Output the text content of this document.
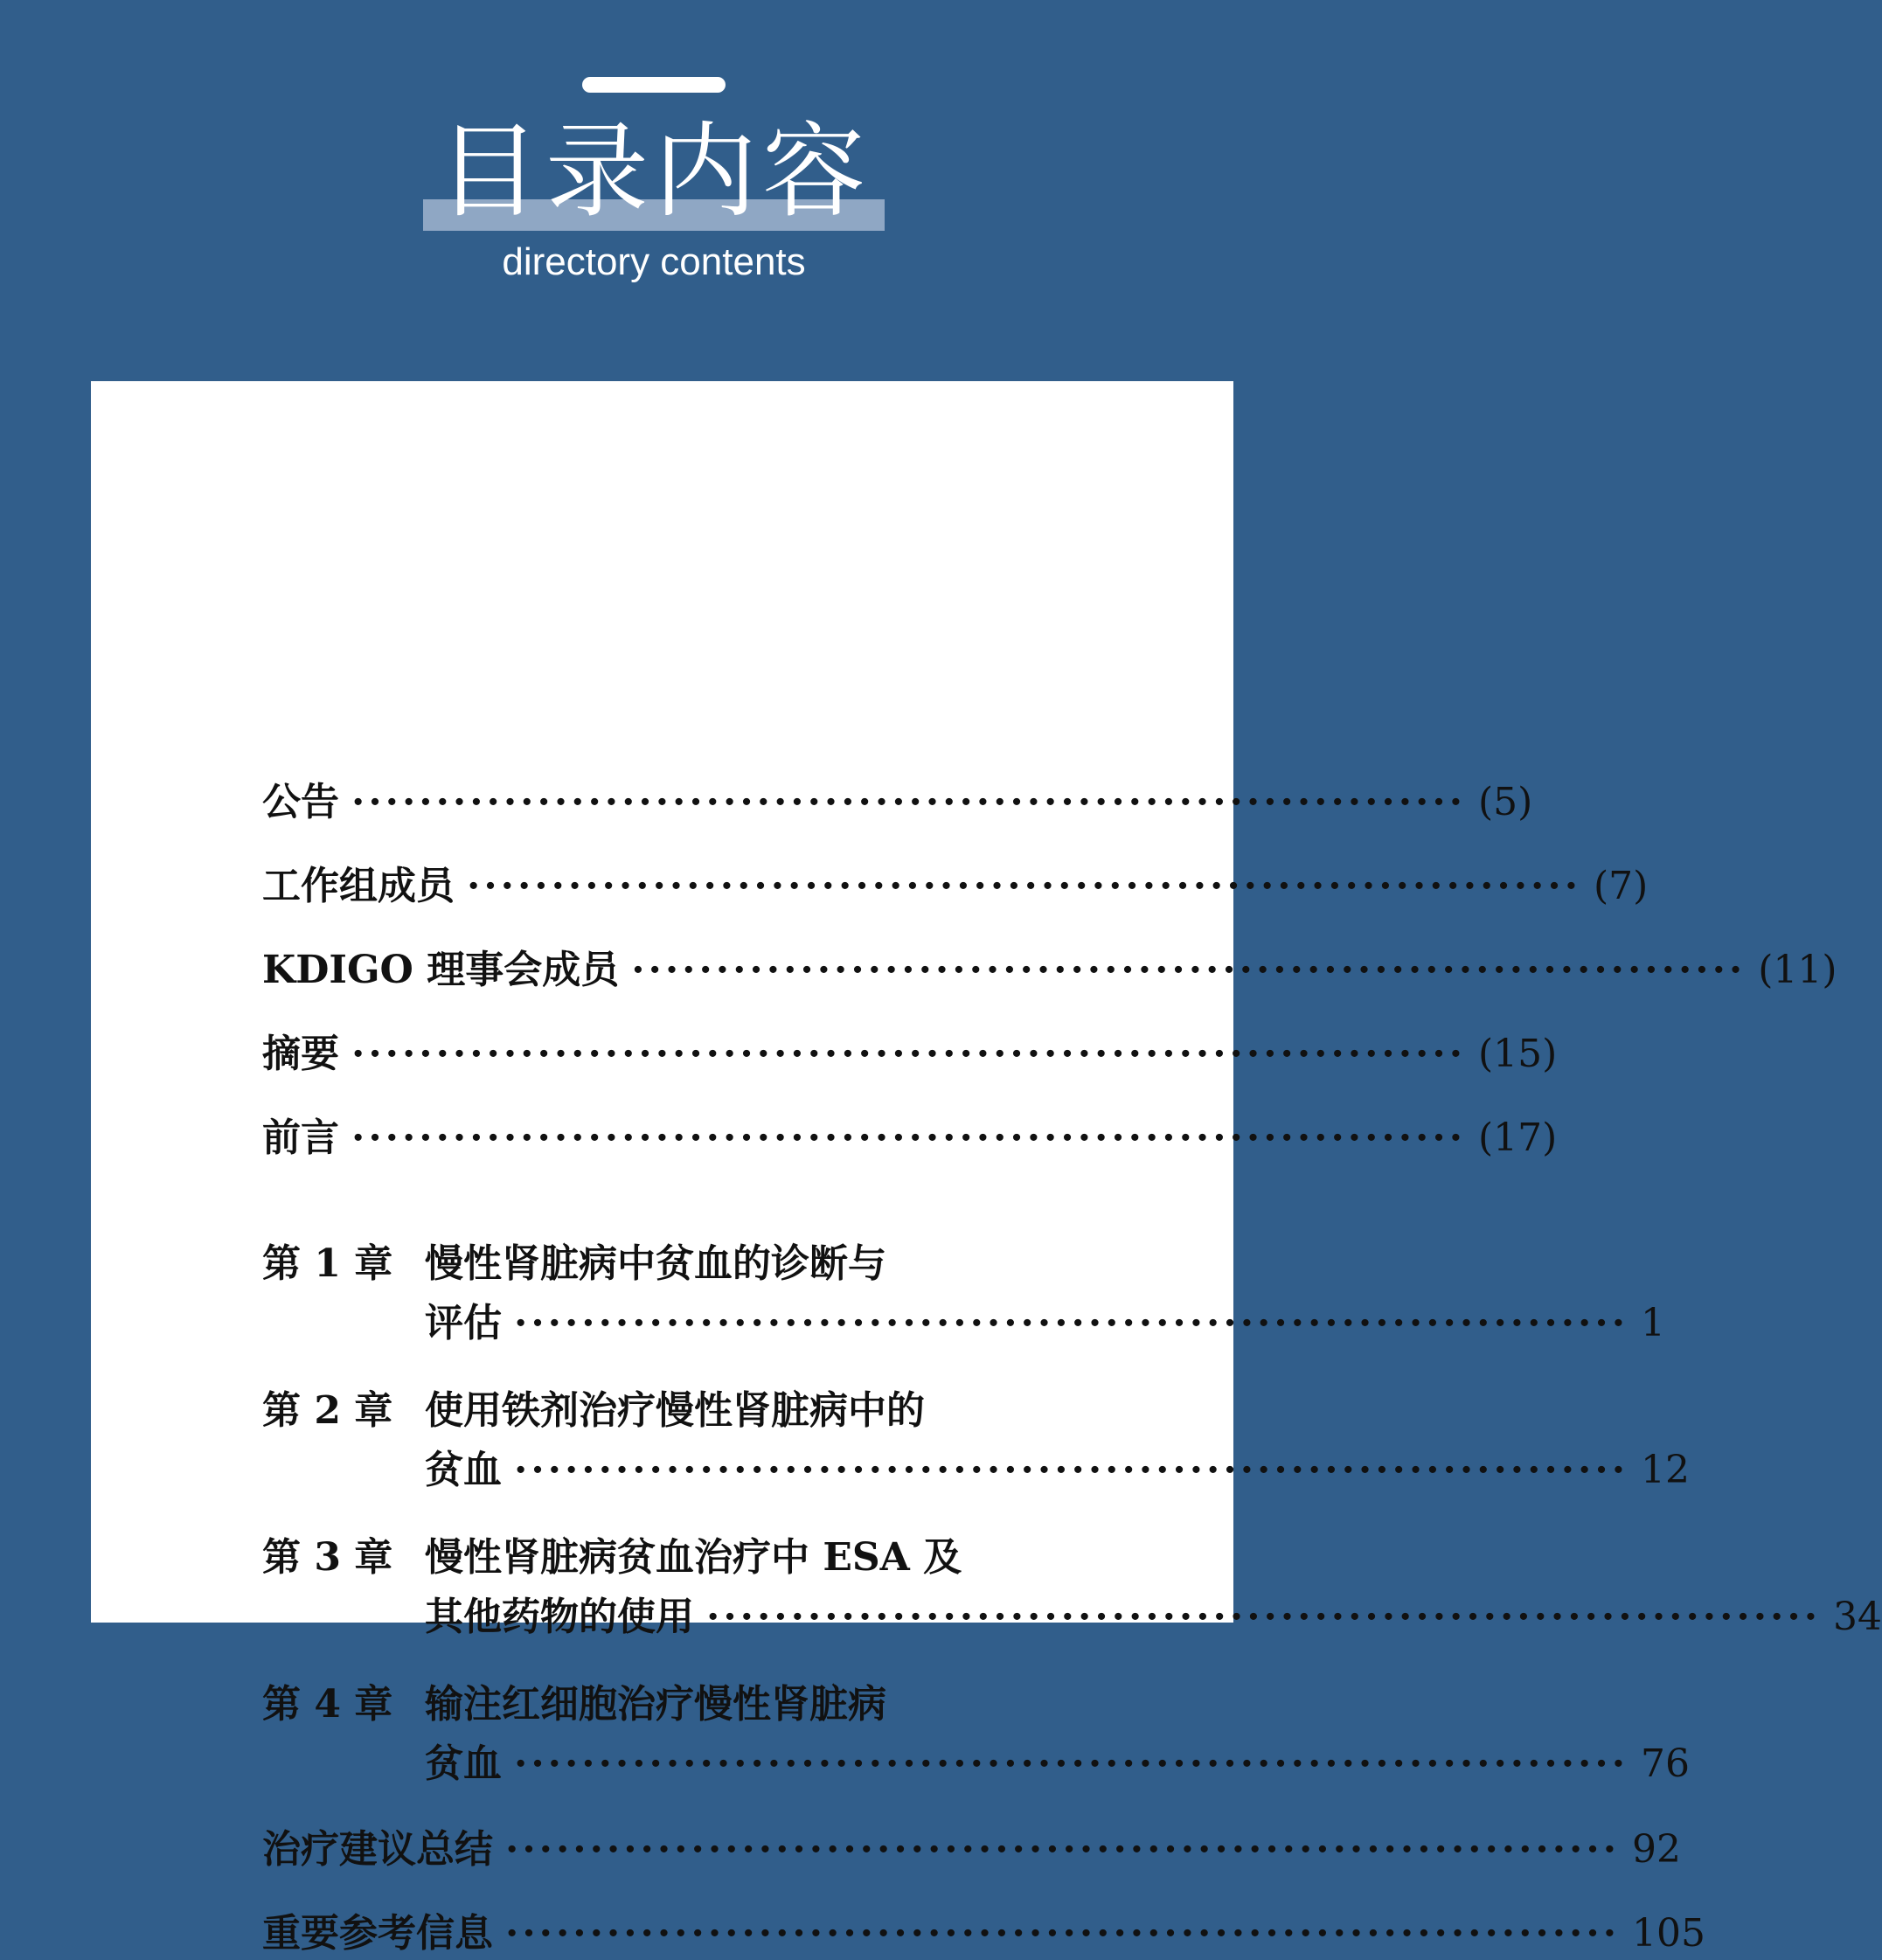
目录内容
directory contents
公告 ·································································· (5)
工作组成员 ·································································· (7)
KDIGO 理事会成员 ·································································· (11)
摘要 ·································································· (15)
前言 ·································································· (17)
第 1 章 慢性肾脏病中贫血的诊断与
评估 ·································································· 1
第 2 章 使用铁剂治疗慢性肾脏病中的
贫血 ·································································· 12
第 3 章 慢性肾脏病贫血治疗中 ESA 及
其他药物的使用 ·································································· 34
第 4 章 输注红细胞治疗慢性肾脏病
贫血 ·································································· 76
治疗建议总结 ·································································· 92
重要参考信息 ·································································· 105
